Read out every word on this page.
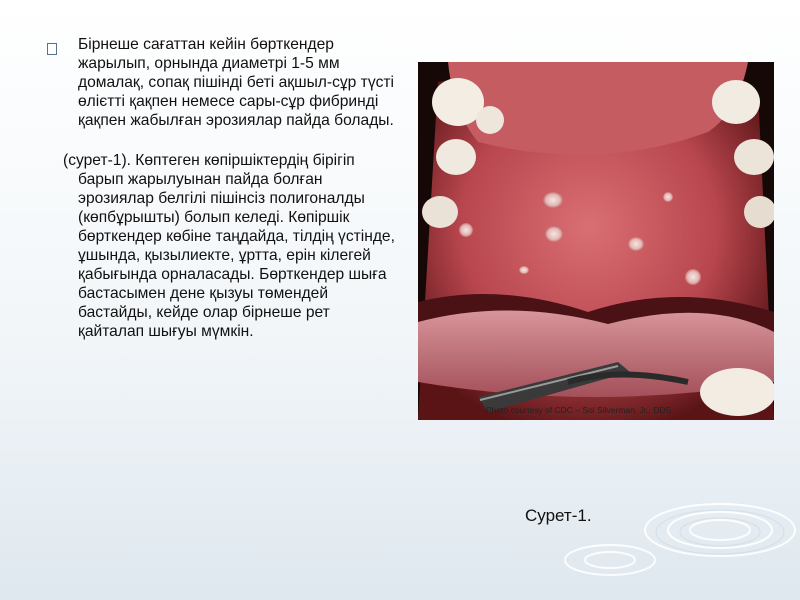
Бірнеше сағаттан кейін бөрткендер жарылып, орнында диаметрі 1-5 мм домалақ, сопақ пішінді беті ақшыл-сұр түсті өлієтті қақпен немесе сары-сұр фибринді қақпен жабылған эрозиялар пайда болады.

(сурет-1). Көптеген көпіршіктердің бірігіп барып жарылуынан пайда болған эрозиялар белгілі пішінсіз полигоналды (көпбұрышты) болып келеді. Көпіршік бөрткендер көбіне таңдайда, тілдің үстінде, ұшында, қызылиекте, ұртта, ерін кілегей қабығында орналасады. Бөрткендер шыға бастасымен дене қызуы төмендей бастайды, кейде олар бірнеше рет қайталап шығуы мүмкін.

Photo courtesy of CDC – Sol Silverman, Jr., DDS
Сурет-1.
